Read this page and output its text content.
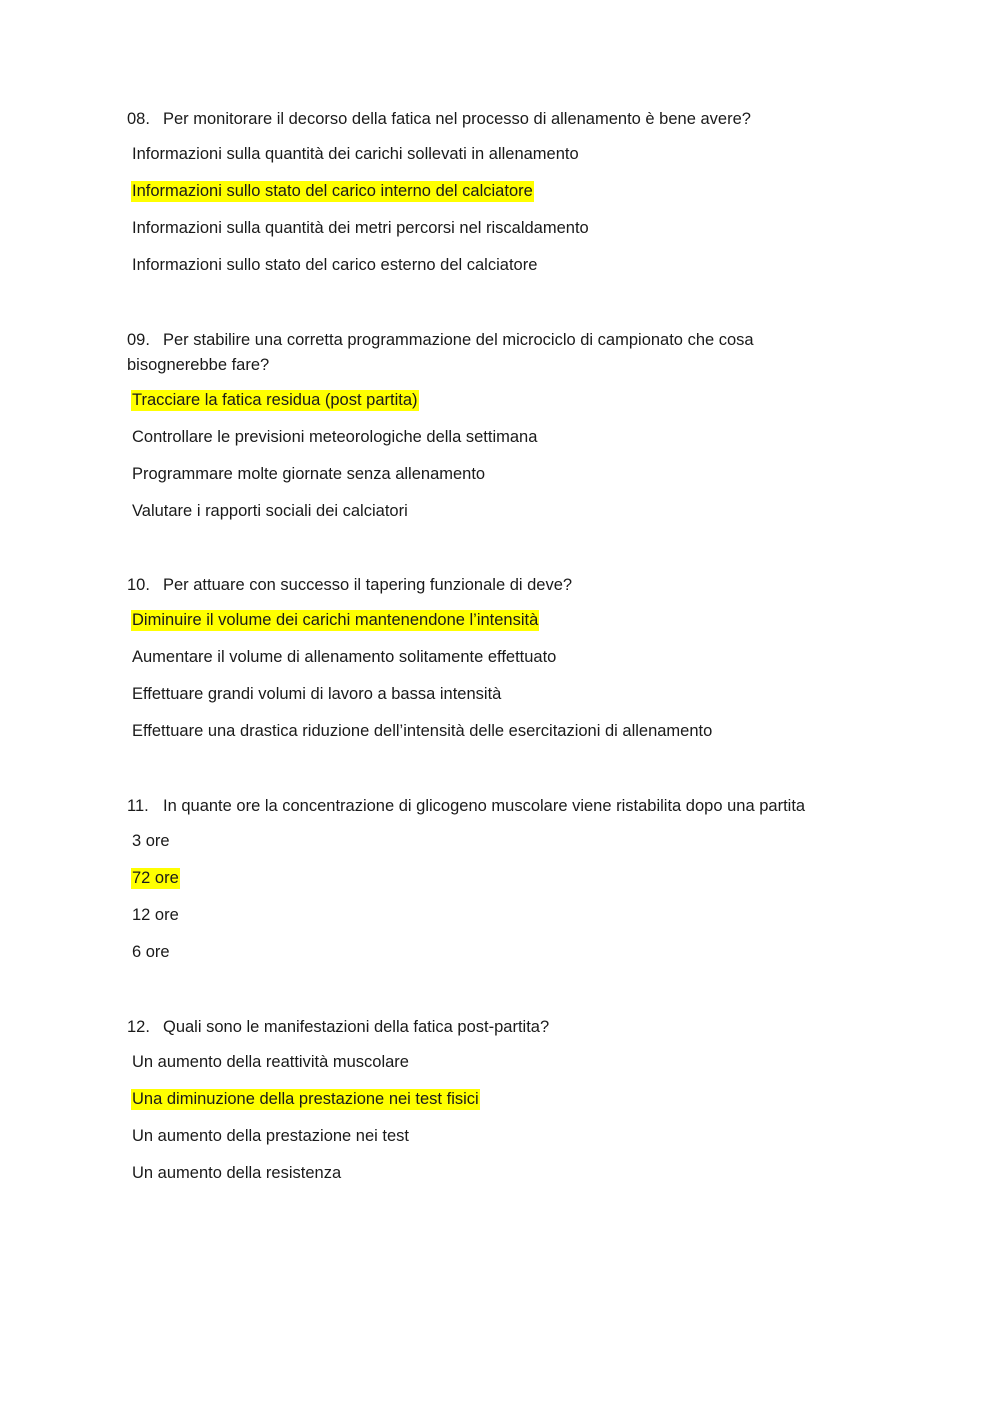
08. Per monitorare il decorso della fatica nel processo di allenamento è bene avere?

Informazioni sulla quantità dei carichi sollevati in allenamento
Informazioni sullo stato del carico interno del calciatore
Informazioni sulla quantità dei metri percorsi nel riscaldamento
Informazioni sullo stato del carico esterno del calciatore

09. Per stabilire una corretta programmazione del microciclo di campionato che cosa

bisognerebbe fare?

Tracciare la fatica residua (post partita)
Controllare le previsioni meteorologiche della settimana
Programmare molte giornate senza allenamento
Valutare i rapporti sociali dei calciatori

10. Per attuare con successo il tapering funzionale di deve?

Diminuire il volume dei carichi mantenendone l’intensità
Aumentare il volume di allenamento solitamente effettuato
Effettuare grandi volumi di lavoro a bassa intensità
Effettuare una drastica riduzione dell’intensità delle esercitazioni di allenamento

11. In quante ore la concentrazione di glicogeno muscolare viene ristabilita dopo una partita

3 ore
72 ore
12 ore
6 ore

12. Quali sono le manifestazioni della fatica post-partita?

Un aumento della reattività muscolare
Una diminuzione della prestazione nei test fisici
Un aumento della prestazione nei test
Un aumento della resistenza
